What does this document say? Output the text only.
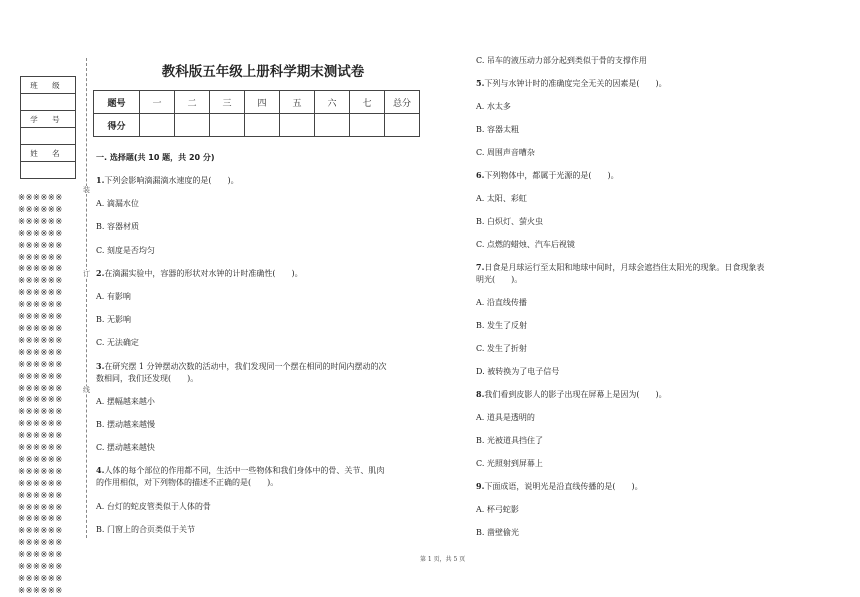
班 级

学 号

姓 名

※※※※※※
※※※※※※
※※※※※※
※※※※※※
※※※※※※
※※※※※※
※※※※※※
※※※※※※
※※※※※※
※※※※※※
※※※※※※
※※※※※※
※※※※※※
※※※※※※
※※※※※※
※※※※※※
※※※※※※
※※※※※※
※※※※※※
※※※※※※
※※※※※※
※※※※※※
※※※※※※
※※※※※※
※※※※※※
※※※※※※
※※※※※※
※※※※※※
※※※※※※
※※※※※※
※※※※※※
※※※※※※
※※※※※※
※※※※※※
装
订
线
教科版五年级上册科学期末测试卷
题号	一	二	三	四	五	六	七	总分
得分								
一. 选择题(共 10 题，共 20 分)
1.下列会影响滴漏滴水速度的是(　　)。
A. 滴漏水位
B. 容器材质
C. 刻度是否均匀
2.在滴漏实验中，容器的形状对水钟的计时准确性(　　)。
A. 有影响
B. 无影响
C. 无法确定
3.在研究摆 1 分钟摆动次数的活动中，我们发现同一个摆在相同的时间内摆动的次
数相同，我们还发现(　　)。
A. 摆幅越来越小
B. 摆动越来越慢
C. 摆动越来越快
4.人体的每个部位的作用都不同，生活中一些物体和我们身体中的骨、关节、肌肉
的作用相似，对下列物体的描述不正确的是(　　)。
A. 台灯的蛇皮管类似于人体的骨
B. 门窗上的合页类似于关节
C. 吊车的液压动力部分起到类似于骨的支撑作用
5.下列与水钟计时的准确度完全无关的因素是(　　)。
A. 水太多
B. 容器太粗
C. 周围声音嘈杂
6.下列物体中，都属于光源的是(　　)。
A. 太阳、彩虹
B. 白炽灯、萤火虫
C. 点燃的蜡烛、汽车后视镜
7.日食是月球运行至太阳和地球中间时，月球会遮挡住太阳光的现象。日食现象表
明光(　　)。
A. 沿直线传播
B. 发生了反射
C. 发生了折射
D. 被转换为了电子信号
8.我们看到皮影人的影子出现在屏幕上是因为(　　)。
A. 道具是透明的
B. 光被道具挡住了
C. 光照射到屏幕上
9.下面成语，说明光是沿直线传播的是(　　)。
A. 杯弓蛇影
B. 凿壁偷光
第 1 页，共 5 页
